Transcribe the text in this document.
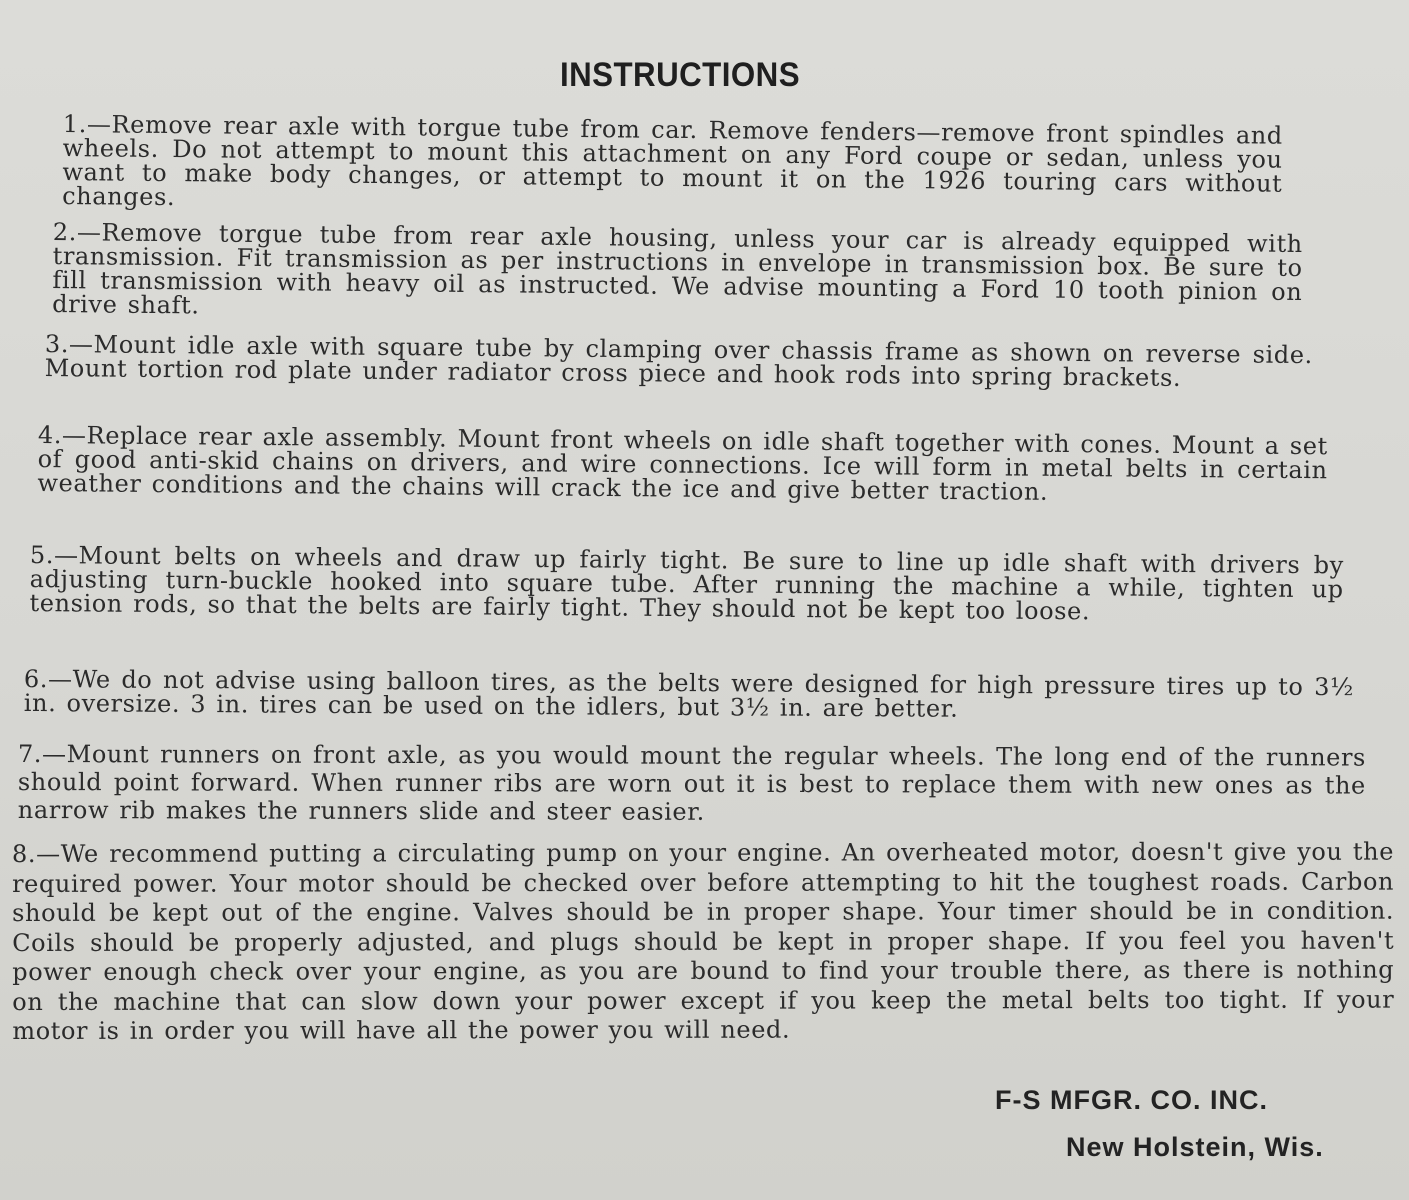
INSTRUCTIONS
1.—Remove rear axle with torgue tube from car. Remove fenders—remove front spindles and wheels. Do not attempt to mount this attachment on any Ford coupe or sedan, unless you want to make body changes, or attempt to mount it on the 1926 touring cars without changes.
2.—Remove torgue tube from rear axle housing, unless your car is already equipped with transmission. Fit transmission as per instructions in envelope in transmission box. Be sure to fill transmission with heavy oil as instructed. We advise mounting a Ford 10 tooth pinion on drive shaft.
3.—Mount idle axle with square tube by clamping over chassis frame as shown on reverse side. Mount tortion rod plate under radiator cross piece and hook rods into spring brackets.
4.—Replace rear axle assembly. Mount front wheels on idle shaft together with cones. Mount a set of good anti-skid chains on drivers, and wire connections. Ice will form in metal belts in certain weather conditions and the chains will crack the ice and give better traction.
5.—Mount belts on wheels and draw up fairly tight. Be sure to line up idle shaft with drivers by adjusting turn-buckle hooked into square tube. After running the machine a while, tighten up tension rods, so that the belts are fairly tight. They should not be kept too loose.
6.—We do not advise using balloon tires, as the belts were designed for high pressure tires up to 3½ in. oversize. 3 in. tires can be used on the idlers, but 3½ in. are better.
7.—Mount runners on front axle, as you would mount the regular wheels. The long end of the runners should point forward. When runner ribs are worn out it is best to replace them with new ones as the narrow rib makes the runners slide and steer easier.
8.—We recommend putting a circulating pump on your engine. An overheated motor, doesn't give you the required power. Your motor should be checked over before attempting to hit the toughest roads. Carbon should be kept out of the engine. Valves should be in proper shape. Your timer should be in condition. Coils should be properly adjusted, and plugs should be kept in proper shape. If you feel you haven't power enough check over your engine, as you are bound to find your trouble there, as there is nothing on the machine that can slow down your power except if you keep the metal belts too tight. If your motor is in order you will have all the power you will need.
F-S MFGR. CO. INC.
New Holstein, Wis.
